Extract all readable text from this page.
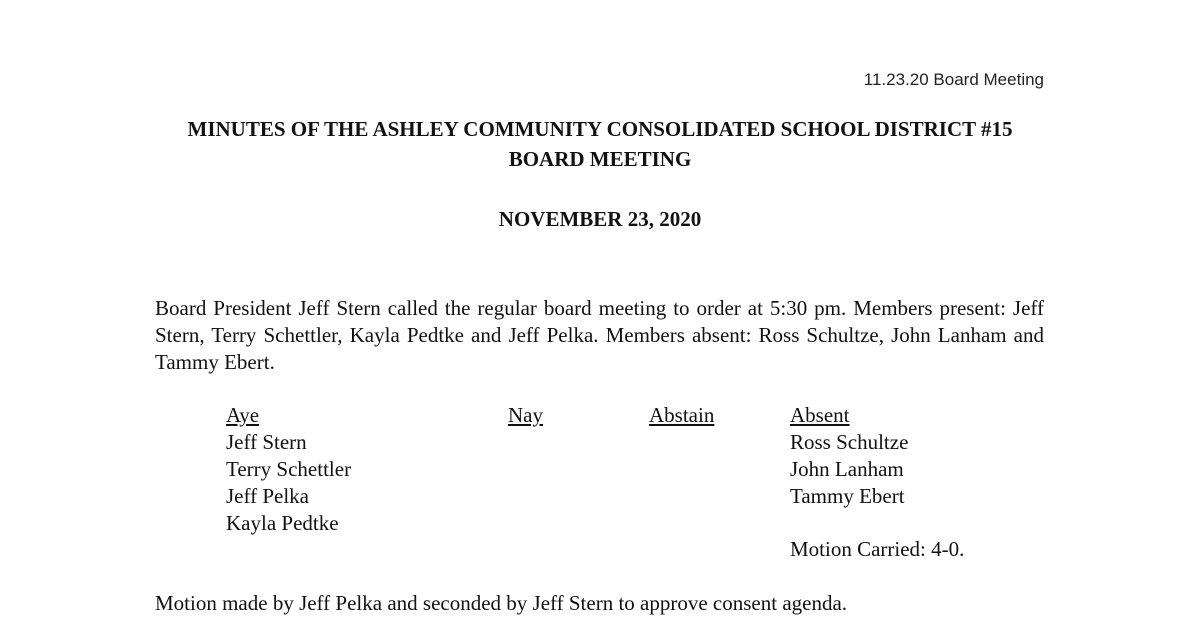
11.23.20 Board Meeting
MINUTES OF THE ASHLEY COMMUNITY CONSOLIDATED SCHOOL DISTRICT #15
BOARD MEETING
NOVEMBER 23, 2020
Board President Jeff Stern called the regular board meeting to order at 5:30 pm. Members present: Jeff Stern, Terry Schettler, Kayla Pedtke and Jeff Pelka. Members absent: Ross Schultze, John Lanham and Tammy Ebert.
Aye
Jeff Stern
Terry Schettler
Jeff Pelka
Kayla Pedtke
Nay	Abstain	Absent
Ross Schultze
John Lanham
Tammy Ebert
Motion Carried: 4-0.
Motion made by Jeff Pelka and seconded by Jeff Stern to approve consent agenda.
